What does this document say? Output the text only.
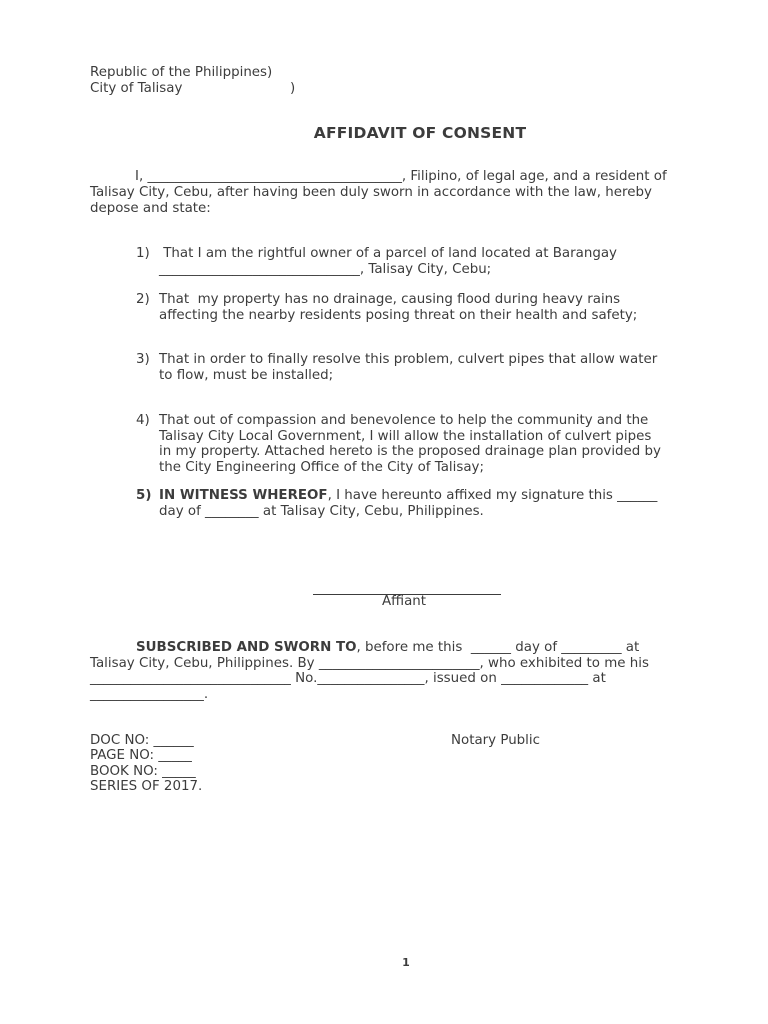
Republic of the Philippines)
City of Talisay	)
AFFIDAVIT OF CONSENT
I, ______________________________________, Filipino, of legal age, and a resident of
Talisay City, Cebu, after having been duly sworn in accordance with the law, hereby
depose and state:
1) That I am the rightful owner of a parcel of land located at Barangay
______________________________, Talisay City, Cebu;
2) That  my property has no drainage, causing flood during heavy rains
affecting the nearby residents posing threat on their health and safety;
3) That in order to finally resolve this problem, culvert pipes that allow water
to flow, must be installed;
4) That out of compassion and benevolence to help the community and the
Talisay City Local Government, I will allow the installation of culvert pipes
in my property. Attached hereto is the proposed drainage plan provided by
the City Engineering Office of the City of Talisay;
5) IN WITNESS WHEREOF, I have hereunto affixed my signature this ______
day of ________ at Talisay City, Cebu, Philippines.
Affiant
SUBSCRIBED AND SWORN TO, before me this  ______ day of _________ at
Talisay City, Cebu, Philippines. By ________________________, who exhibited to me his
______________________________ No.________________, issued on _____________ at
_________________.
DOC NO: ______
PAGE NO: _____
BOOK NO: _____
SERIES OF 2017.
Notary Public
1
